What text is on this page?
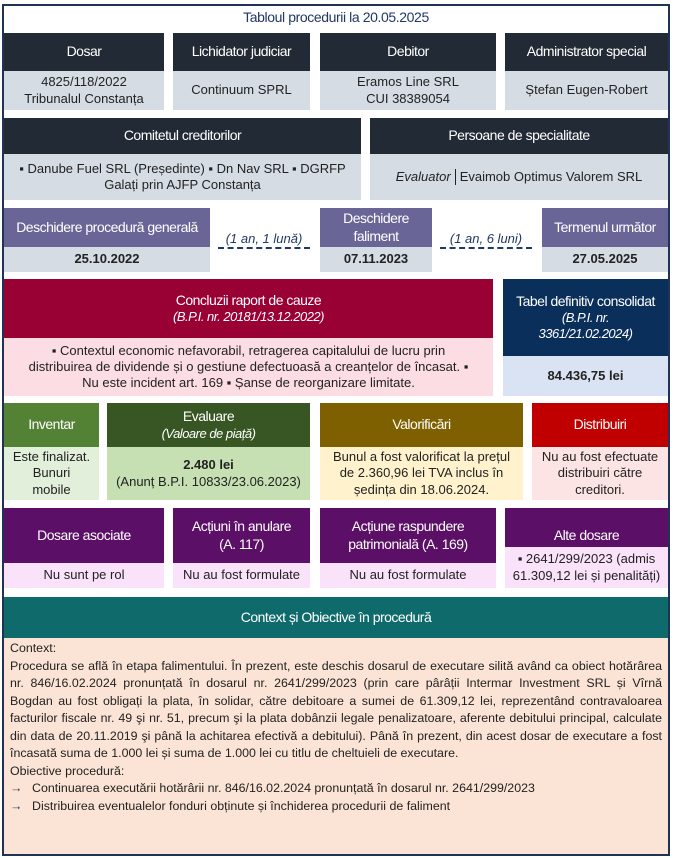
Tabloul procedurii la 20.05.2025
Dosar
4825/118/2022
Tribunalul Constanța
Lichidator judiciar
Continuum SPRL
Debitor
Eramos Line SRL
CUI 38389054
Administrator special
Ștefan Eugen-Robert
Comitetul creditorilor
▪ Danube Fuel SRL (Președinte) ▪ Dn Nav SRL ▪ DGRFP
Galați prin AJFP Constanța
Persoane de specialitate
Evaluator Evaimob Optimus Valorem SRL
Deschidere procedură generală
25.10.2022
(1 an, 1 lună)
Deschidere
faliment
07.11.2023
(1 an, 6 luni)
Termenul următor
27.05.2025
Concluzii raport de cauze
(B.P.I. nr. 20181/13.12.2022)
▪ Contextul economic nefavorabil, retragerea capitalului de lucru prin
distribuirea de dividende și o gestiune defectuoasă a creanțelor de încasat. ▪
Nu este incident art. 169 ▪ Șanse de reorganizare limitate.
Tabel definitiv consolidat
(B.P.I. nr.
3361/21.02.2024)
84.436,75 lei
Inventar
Este finalizat.
Bunuri
mobile
Evaluare
(Valoare de piață)
2.480 lei
(Anunț B.P.I. 10833/23.06.2023)
Valorificări
Bunul a fost valorificat la prețul
de 2.360,96 lei TVA inclus în
ședința din 18.06.2024.
Distribuiri
Nu au fost efectuate
distribuiri către
creditori.
Dosare asociate
Nu sunt pe rol
Acțiuni în anulare
(A. 117)
Nu au fost formulate
Acțiune raspundere
patrimonială (A. 169)
Nu au fost formulate
Alte dosare
▪ 2641/299/2023 (admis
61.309,12 lei și penalități)
Context și Obiective în procedură
Context:

Procedura se află în etapa falimentului. În prezent, este deschis dosarul de executare silită având ca obiect hotărârea nr. 846/16.02.2024 pronunțată în dosarul nr. 2641/299/2023 (prin care pârâții Intermar Investment SRL și Vîrnă Bogdan au fost obligați la plata, în solidar, către debitoare a sumei de 61.309,12 lei, reprezentând contravaloarea facturilor fiscale nr. 49 şi nr. 51, precum şi la plata dobânzii legale penalizatoare, aferente debitului principal, calculate din data de 20.11.2019 şi până la achitarea efectivă a debitului). Până în prezent, din acest dosar de executare a fost încasată suma de 1.000 lei și suma de 1.000 lei cu titlu de cheltuieli de executare.

Obiective procedură:
→ Continuarea executării hotărârii nr. 846/16.02.2024 pronunțată în dosarul nr. 2641/299/2023
→ Distribuirea eventualelor fonduri obținute și închiderea procedurii de faliment
